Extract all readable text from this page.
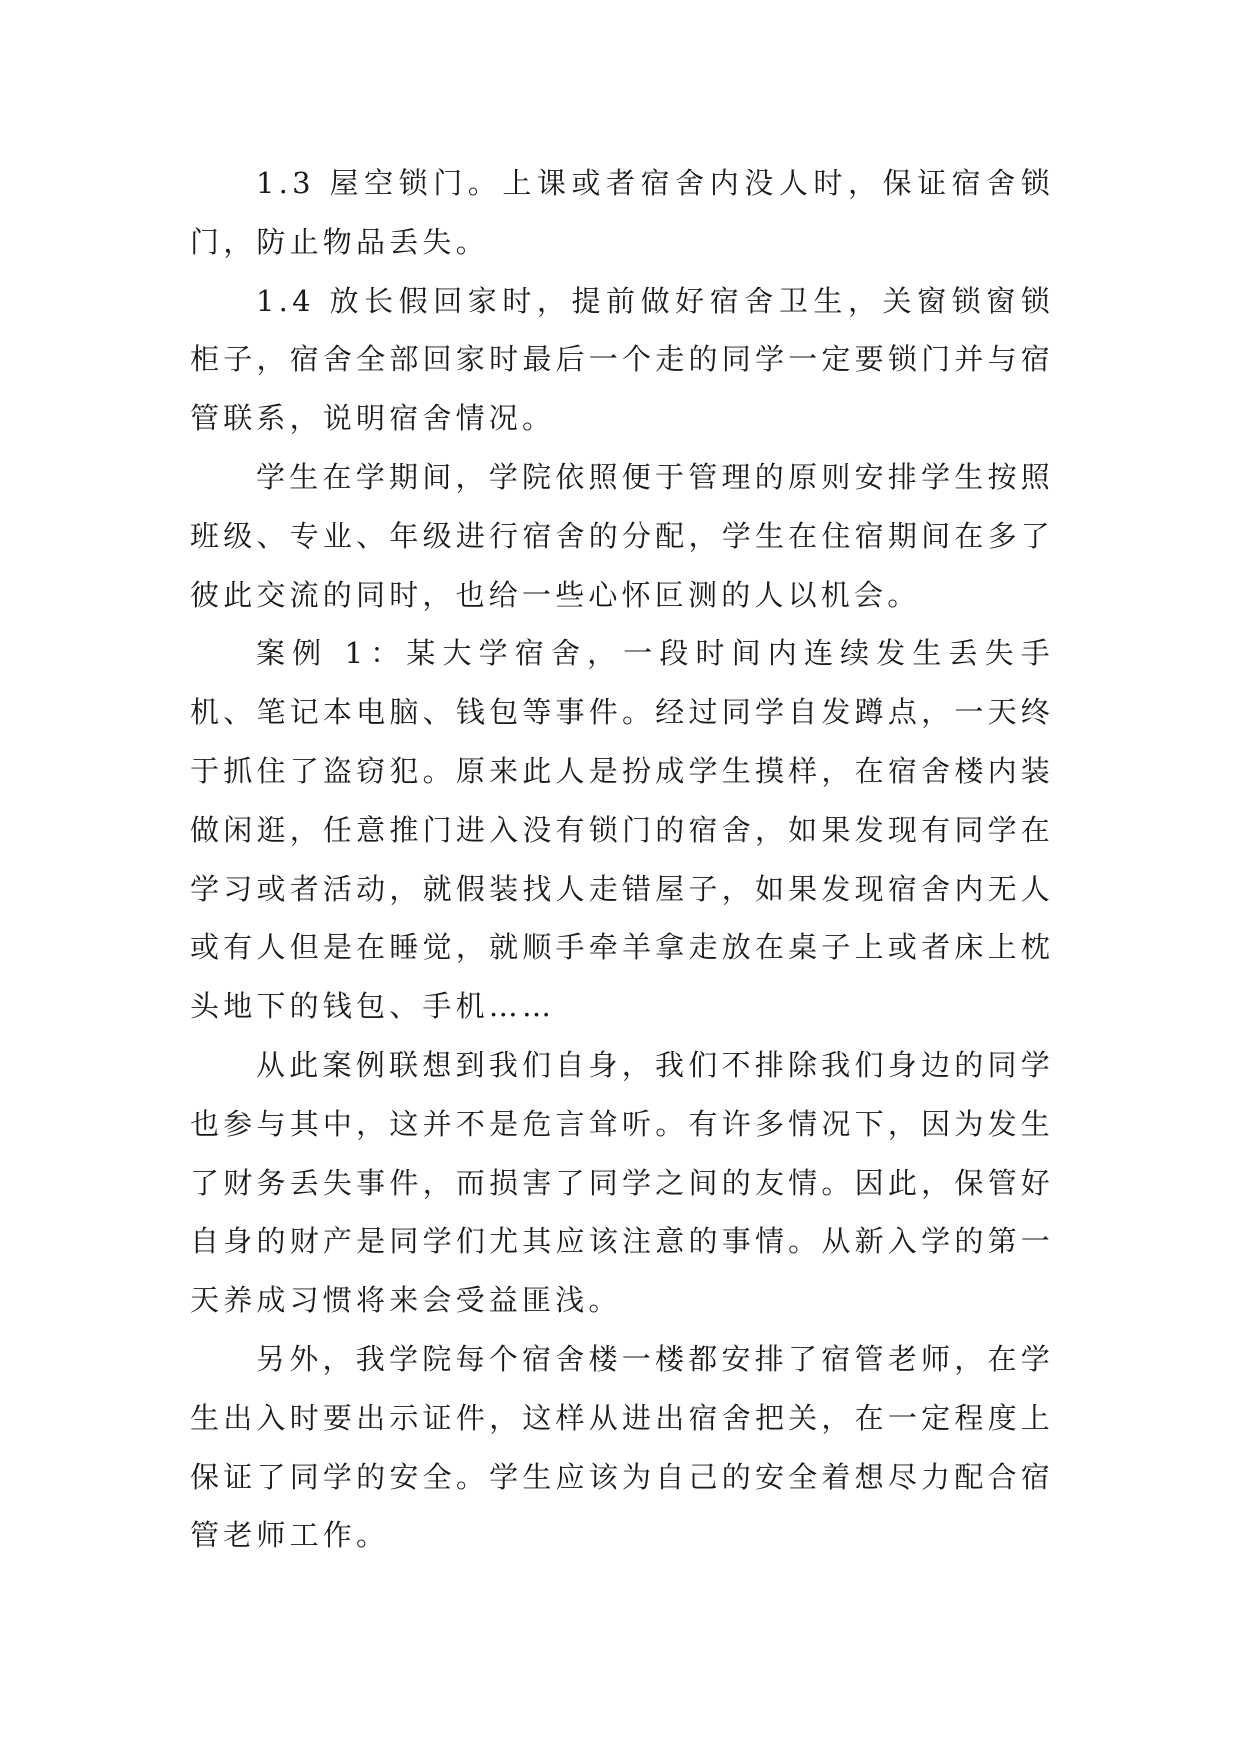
1.3 屋空锁门。上课或者宿舍内没人时，保证宿舍锁门，防止物品丢失。

1.4 放长假回家时，提前做好宿舍卫生，关窗锁窗锁柜子，宿舍全部回家时最后一个走的同学一定要锁门并与宿管联系，说明宿舍情况。

学生在学期间，学院依照便于管理的原则安排学生按照班级、专业、年级进行宿舍的分配，学生在住宿期间在多了彼此交流的同时，也给一些心怀叵测的人以机会。

案例 1：某大学宿舍，一段时间内连续发生丢失手机、笔记本电脑、钱包等事件。经过同学自发蹲点，一天终于抓住了盗窃犯。原来此人是扮成学生摸样，在宿舍楼内装做闲逛，任意推门进入没有锁门的宿舍，如果发现有同学在学习或者活动，就假装找人走错屋子，如果发现宿舍内无人或有人但是在睡觉，就顺手牵羊拿走放在桌子上或者床上枕头地下的钱包、手机……

从此案例联想到我们自身，我们不排除我们身边的同学也参与其中，这并不是危言耸听。有许多情况下，因为发生了财务丢失事件，而损害了同学之间的友情。因此，保管好自身的财产是同学们尤其应该注意的事情。从新入学的第一天养成习惯将来会受益匪浅。

另外，我学院每个宿舍楼一楼都安排了宿管老师，在学生出入时要出示证件，这样从进出宿舍把关，在一定程度上保证了同学的安全。学生应该为自己的安全着想尽力配合宿管老师工作。
